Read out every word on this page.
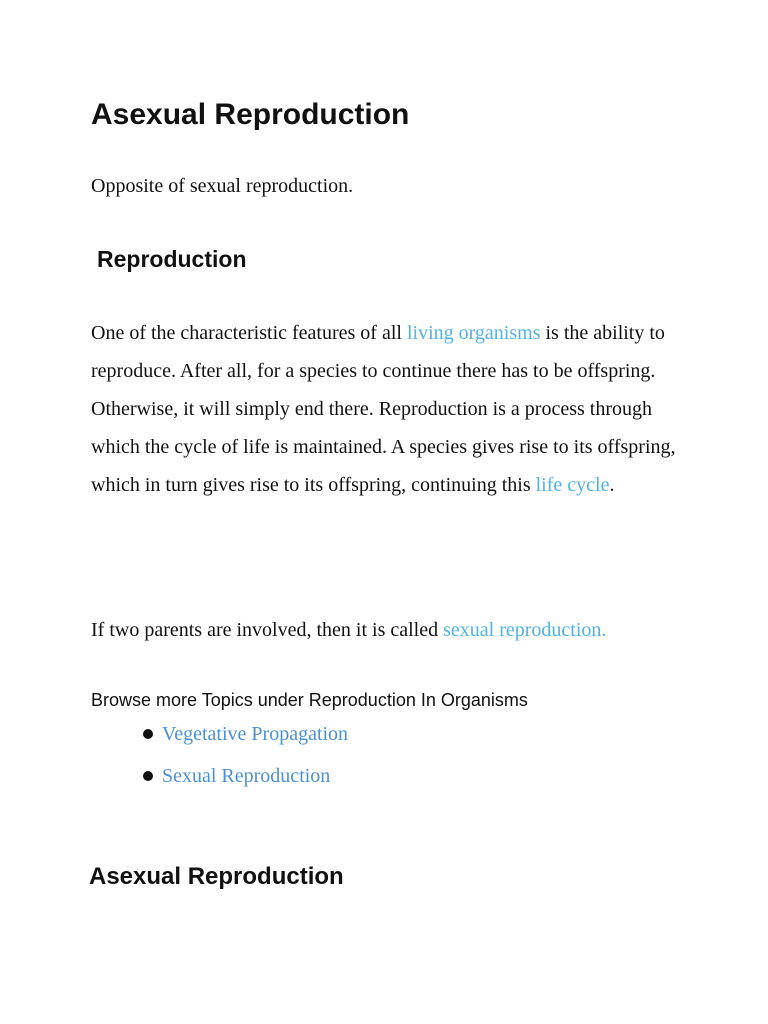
Asexual Reproduction

Opposite of sexual reproduction.

Reproduction

One of the characteristic features of all living organisms is the ability to reproduce. After all, for a species to continue there has to be offspring. Otherwise, it will simply end there. Reproduction is a process through which the cycle of life is maintained. A species gives rise to its offspring, which in turn gives rise to its offspring, continuing this life cycle.

If two parents are involved, then it is called sexual reproduction.

Browse more Topics under Reproduction In Organisms

Vegetative Propagation
Sexual Reproduction
Asexual Reproduction
